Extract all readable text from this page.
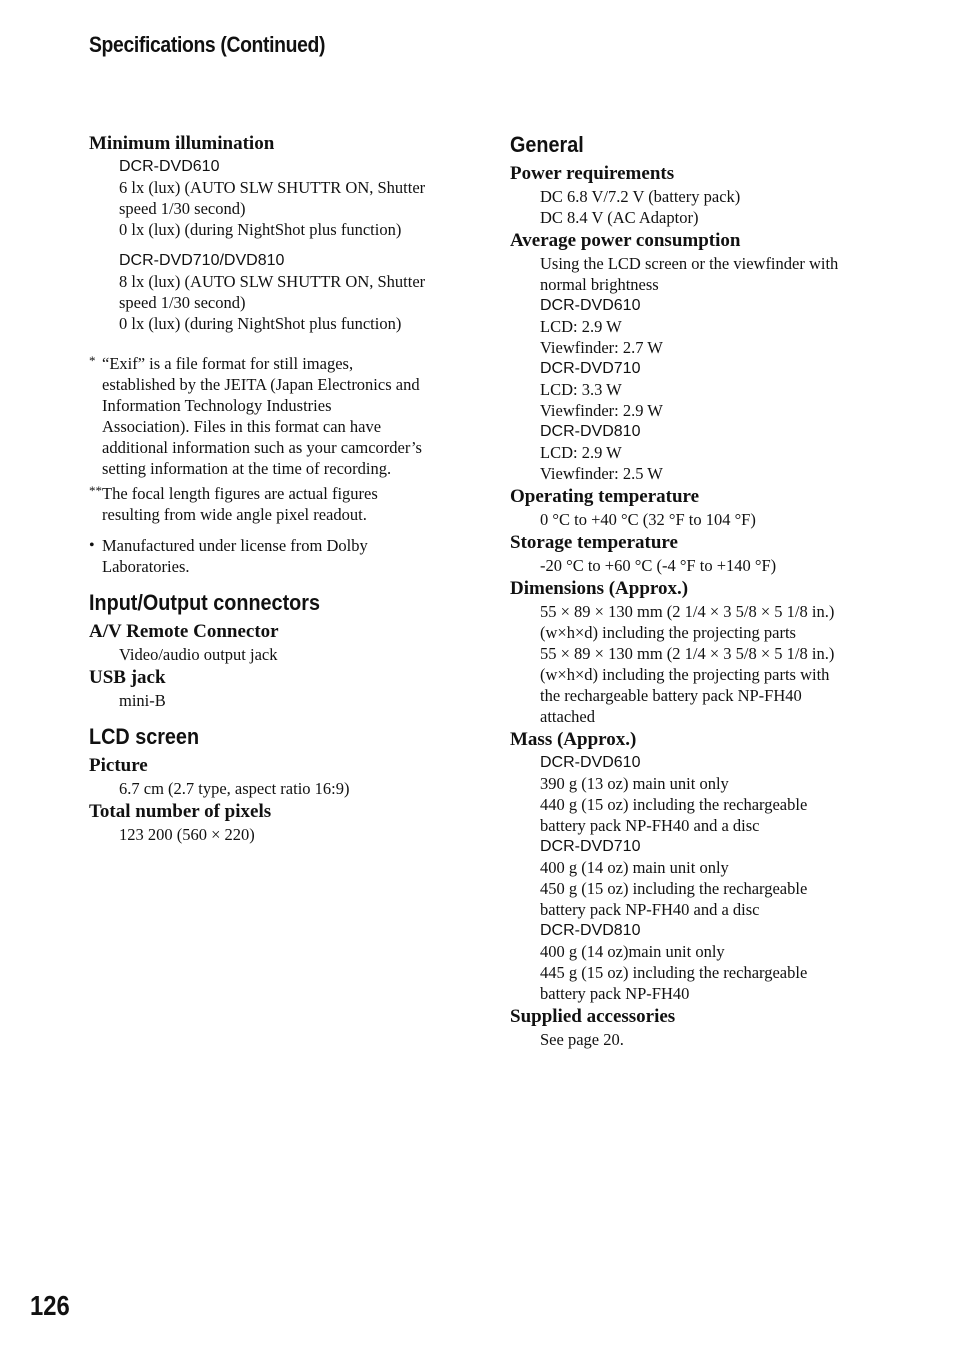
Specifications (Continued)
Minimum illumination
DCR-DVD610
6 lx (lux) (AUTO SLW SHUTTR ON, Shutter
speed 1/30 second)
0 lx (lux) (during NightShot plus function)
DCR-DVD710/DVD810
8 lx (lux) (AUTO SLW SHUTTR ON, Shutter
speed 1/30 second)
0 lx (lux) (during NightShot plus function)
* “Exif” is a file format for still images,
established by the JEITA (Japan Electronics and
Information Technology Industries
Association). Files in this format can have
additional information such as your camcorder’s
setting information at the time of recording.
** The focal length figures are actual figures
resulting from wide angle pixel readout.
• Manufactured under license from Dolby
Laboratories.
Input/Output connectors
A/V Remote Connector
Video/audio output jack
USB jack
mini-B
LCD screen
Picture
6.7 cm (2.7 type, aspect ratio 16:9)
Total number of pixels
123 200 (560 × 220)
General
Power requirements
DC 6.8 V/7.2 V (battery pack)
DC 8.4 V (AC Adaptor)
Average power consumption
Using the LCD screen or the viewfinder with
normal brightness
DCR-DVD610
LCD: 2.9 W
Viewfinder: 2.7 W
DCR-DVD710
LCD: 3.3 W
Viewfinder: 2.9 W
DCR-DVD810
LCD: 2.9 W
Viewfinder: 2.5 W
Operating temperature
0 °C to +40 °C (32 °F to 104 °F)
Storage temperature
-20 °C to +60 °C (-4 °F to +140 °F)
Dimensions (Approx.)
55 × 89 × 130 mm (2 1/4 × 3 5/8 × 5 1/8 in.)
(w×h×d) including the projecting parts
55 × 89 × 130 mm (2 1/4 × 3 5/8 × 5 1/8 in.)
(w×h×d) including the projecting parts with
the rechargeable battery pack NP-FH40
attached
Mass (Approx.)
DCR-DVD610
390 g (13 oz) main unit only
440 g (15 oz) including the rechargeable
battery pack NP-FH40 and a disc
DCR-DVD710
400 g (14 oz) main unit only
450 g (15 oz) including the rechargeable
battery pack NP-FH40 and a disc
DCR-DVD810
400 g (14 oz)main unit only
445 g (15 oz) including the rechargeable
battery pack NP-FH40
Supplied accessories
See page 20.
126
